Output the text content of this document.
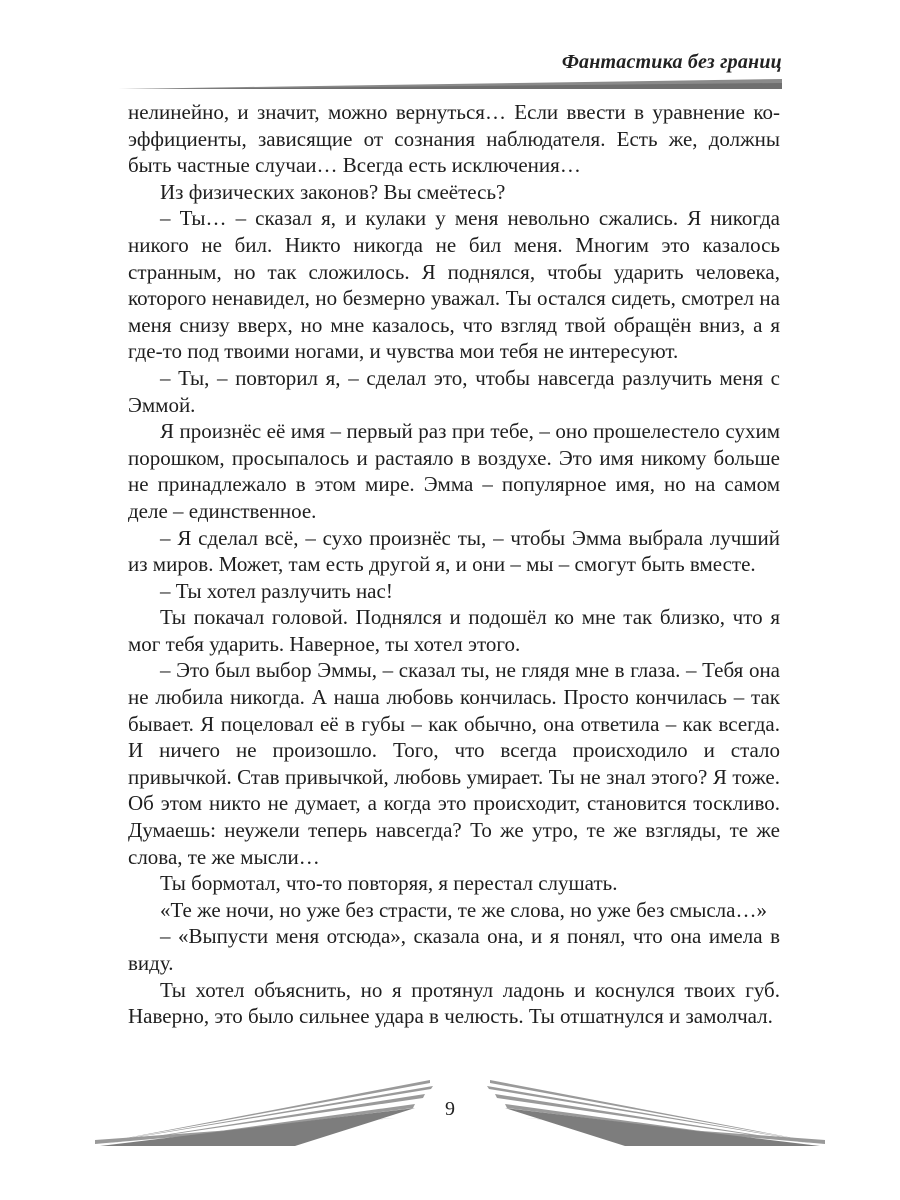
Фантастика без границ

нелинейно, и значит, можно вернуться… Если ввести в уравнение коэффициенты, зависящие от сознания наблюдателя. Есть же, должны быть частные случаи… Всегда есть исключения…

Из физических законов? Вы смеётесь?

– Ты… – сказал я, и кулаки у меня невольно сжались. Я никогда никого не бил. Никто никогда не бил меня. Многим это казалось странным, но так сложилось. Я поднялся, чтобы ударить человека, которого ненавидел, но безмерно уважал. Ты остался сидеть, смотрел на меня снизу вверх, но мне казалось, что взгляд твой обращён вниз, а я где-то под твоими ногами, и чувства мои тебя не интересуют.

– Ты, – повторил я, – сделал это, чтобы навсегда разлучить меня с Эммой.

Я произнёс её имя – первый раз при тебе, – оно прошелестело сухим порошком, просыпалось и растаяло в воздухе. Это имя никому больше не принадлежало в этом мире. Эмма – популярное имя, но на самом деле – единственное.

– Я сделал всё, – сухо произнёс ты, – чтобы Эмма выбрала лучший из миров. Может, там есть другой я, и они – мы – смогут быть вместе.

– Ты хотел разлучить нас!

Ты покачал головой. Поднялся и подошёл ко мне так близко, что я мог тебя ударить. Наверное, ты хотел этого.

– Это был выбор Эммы, – сказал ты, не глядя мне в глаза. – Тебя она не любила никогда. А наша любовь кончилась. Просто кончилась – так бывает. Я поцеловал её в губы – как обычно, она ответила – как всегда. И ничего не произошло. Того, что всегда происходило и стало привычкой. Став привычкой, любовь умирает. Ты не знал этого? Я тоже. Об этом никто не думает, а когда это происходит, становится тоскливо. Думаешь: неужели теперь навсегда? То же утро, те же взгляды, те же слова, те же мысли…

Ты бормотал, что-то повторяя, я перестал слушать.

«Те же ночи, но уже без страсти, те же слова, но уже без смысла…»

– «Выпусти меня отсюда», сказала она, и я понял, что она имела в виду.

Ты хотел объяснить, но я протянул ладонь и коснулся твоих губ. Наверно, это было сильнее удара в челюсть. Ты отшатнулся и замолчал.

9
